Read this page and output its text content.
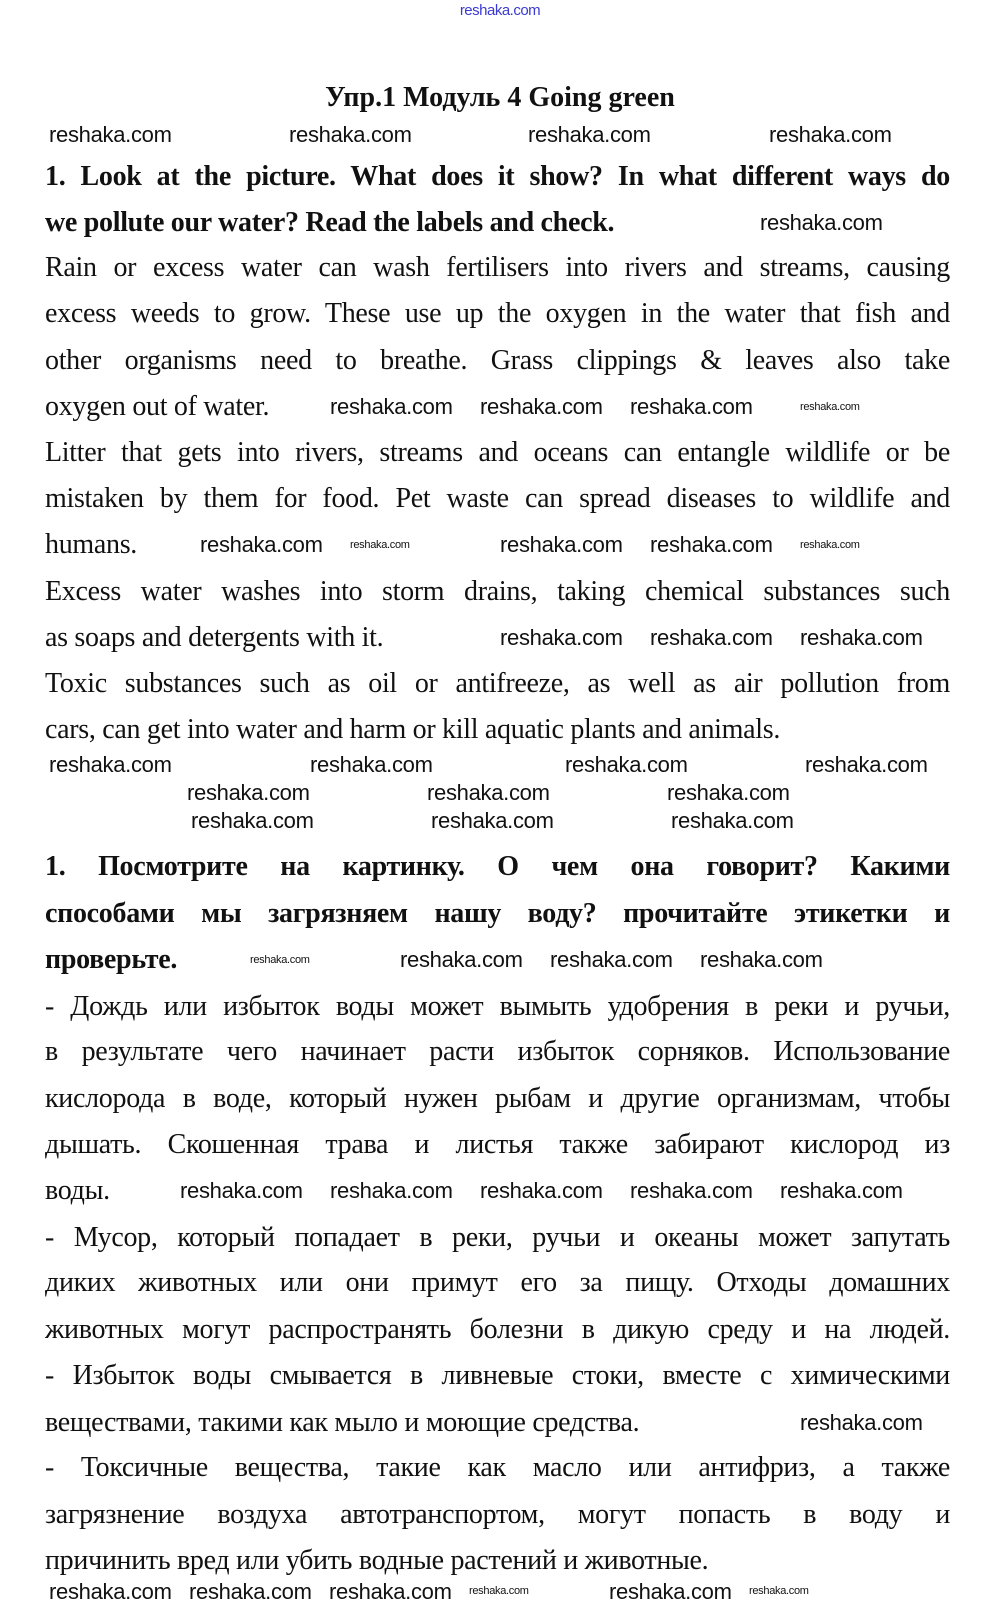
reshaka.com
Упр.1 Модуль 4 Going green
1. Look at the picture. What does it show? In what different ways do
we pollute our water? Read the labels and check.
Rain or excess water can wash fertilisers into rivers and streams, causing
excess weeds to grow. These use up the oxygen in the water that fish and
other organisms need to breathe. Grass clippings & leaves also take
oxygen out of water.
Litter that gets into rivers, streams and oceans can entangle wildlife or be
mistaken by them for food. Pet waste can spread diseases to wildlife and
humans.
Excess water washes into storm drains, taking chemical substances such
as soaps and detergents with it.
Toxic substances such as oil or antifreeze, as well as air pollution from
cars, can get into water and harm or kill aquatic plants and animals.
1. Посмотрите на картинку. О чем она говорит? Какими
способами мы загрязняем нашу воду? прочитайте этикетки и
проверьте.
- Дождь или избыток воды может вымыть удобрения в реки и ручьи,
в результате чего начинает расти избыток сорняков. Использование
кислорода в воде, который нужен рыбам и другие организмам, чтобы
дышать. Скошенная трава и листья также забирают кислород из
воды.
- Мусор, который попадает в реки, ручьи и океаны может запутать
диких животных или они примут его за пищу. Отходы домашних
животных могут распространять болезни в дикую среду и на людей.
- Избыток воды смывается в ливневые стоки, вместе с химическими
веществами, такими как мыло и моющие средства.
- Токсичные вещества, такие как масло или антифриз, а также
загрязнение воздуха автотранспортом, могут попасть в воду и
причинить вред или убить водные растений и животные.
reshaka.com	reshaka.com	reshaka.com	reshaka.com
reshaka.com reshaka.com reshaka.com	reshaka.com
reshaka.com reshaka.com	reshaka.com reshaka.com reshaka.com
reshaka.com reshaka.com reshaka.com
reshaka.com	reshaka.com	reshaka.com	reshaka.com
reshaka.com	reshaka.com	reshaka.com
reshaka.com	reshaka.com reshaka.com reshaka.com
reshaka.com	reshaka.com	reshaka.com
reshaka.com reshaka.com reshaka.com reshaka.com reshaka.com
reshaka.com
reshaka.com
reshaka.com reshaka.com reshaka.com reshaka.com	reshaka.com reshaka.com
